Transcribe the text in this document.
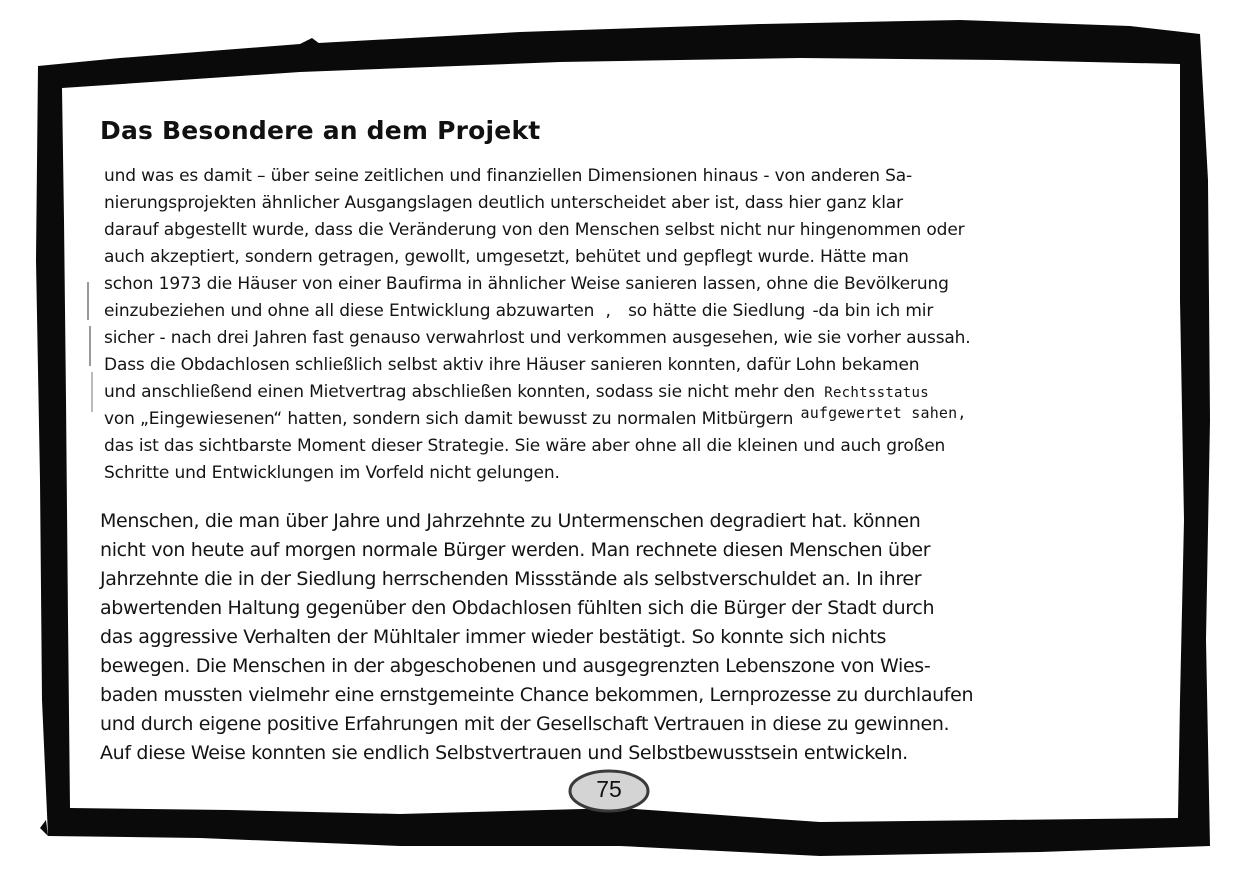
Das Besondere an dem Projekt
und was es damit – über seine zeitlichen und finanziellen Dimensionen hinaus - von anderen Sa-
nierungsprojekten ähnlicher Ausgangslagen deutlich unterscheidet aber ist, dass hier ganz klar
darauf abgestellt wurde, dass die Veränderung von den Menschen selbst nicht nur hingenommen oder
auch akzeptiert, sondern getragen, gewollt, umgesetzt, behütet und gepflegt wurde. Hätte man
schon 1973 die Häuser von einer Baufirma in ähnlicher Weise sanieren lassen, ohne die Bevölkerung
einzubeziehen und ohne all diese Entwicklung abzuwarten , so hätte die Siedlung -da bin ich mir
sicher - nach drei Jahren fast genauso verwahrlost und verkommen ausgesehen, wie sie vorher aussah.
Dass die Obdachlosen schließlich selbst aktiv ihre Häuser sanieren konnten, dafür Lohn bekamen
und anschließend einen Mietvertrag abschließen konnten, sodass sie nicht mehr den Rechtsstatus
von „Eingewiesenen“ hatten, sondern sich damit bewusst zu normalen Mitbürgern aufgewertet sahen,
das ist das sichtbarste Moment dieser Strategie. Sie wäre aber ohne all die kleinen und auch großen
Schritte und Entwicklungen im Vorfeld nicht gelungen.
Menschen, die man über Jahre und Jahrzehnte zu Untermenschen degradiert hat. können
nicht von heute auf morgen normale Bürger werden. Man rechnete diesen Menschen über
Jahrzehnte die in der Siedlung herrschenden Missstände als selbstverschuldet an. In ihrer
abwertenden Haltung gegenüber den Obdachlosen fühlten sich die Bürger der Stadt durch
das aggressive Verhalten der Mühltaler immer wieder bestätigt. So konnte sich nichts
bewegen. Die Menschen in der abgeschobenen und ausgegrenzten Lebenszone von Wies-
baden mussten vielmehr eine ernstgemeinte Chance bekommen, Lernprozesse zu durchlaufen
und durch eigene positive Erfahrungen mit der Gesellschaft Vertrauen in diese zu gewinnen.
Auf diese Weise konnten sie endlich Selbstvertrauen und Selbstbewusstsein entwickeln.
75
